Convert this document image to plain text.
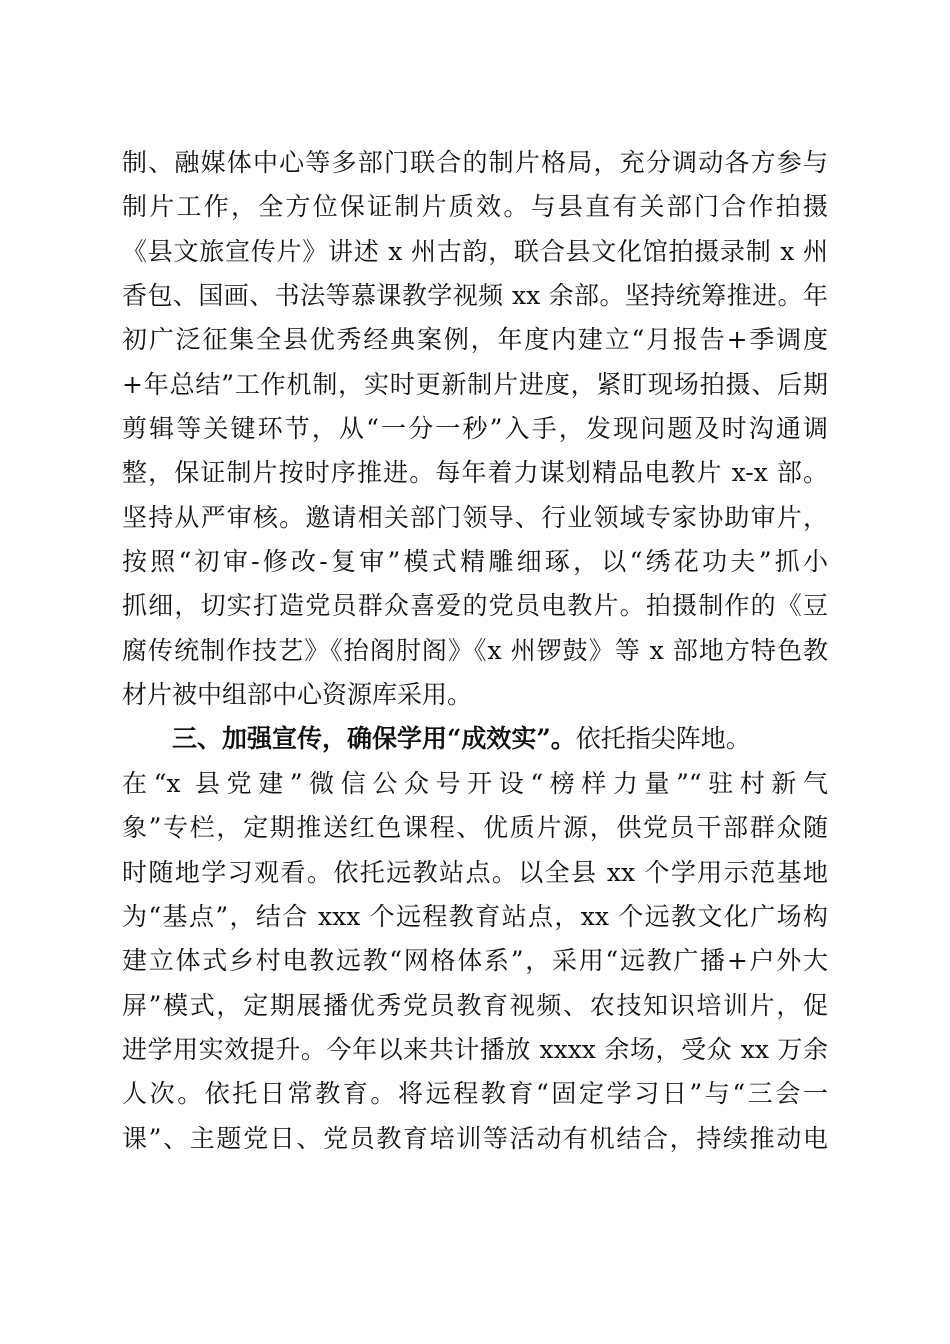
制、融媒体中心等多部门联合的制片格局，充分调动各方参与
制片工作，全方位保证制片质效。与县直有关部门合作拍摄
《县文旅宣传片》讲述 x 州古韵，联合县文化馆拍摄录制 x 州
香包、国画、书法等慕课教学视频 xx 余部。坚持统筹推进。年
初广泛征集全县优秀经典案例，年度内建立“月报告+季调度
+年总结”工作机制，实时更新制片进度，紧盯现场拍摄、后期
剪辑等关键环节，从“一分一秒”入手，发现问题及时沟通调
整，保证制片按时序推进。每年着力谋划精品电教片 x-x 部。
坚持从严审核。邀请相关部门领导、行业领域专家协助审片，
按照“初审-修改-复审”模式精雕细琢，以“绣花功夫”抓小
抓细，切实打造党员群众喜爱的党员电教片。拍摄制作的《豆
腐传统制作技艺》《抬阁肘阁》《x 州锣鼓》等 x 部地方特色教
材片被中组部中心资源库采用。
三、加强宣传，确保学用“成效实”。依托指尖阵地。
在“x 县党建”微信公众号开设“榜样力量”“驻村新气
象”专栏，定期推送红色课程、优质片源，供党员干部群众随
时随地学习观看。依托远教站点。以全县 xx 个学用示范基地
为“基点”，结合 xxx 个远程教育站点，xx 个远教文化广场构
建立体式乡村电教远教“网格体系”，采用“远教广播+户外大
屏”模式，定期展播优秀党员教育视频、农技知识培训片，促
进学用实效提升。今年以来共计播放 xxxx 余场，受众 xx 万余
人次。依托日常教育。将远程教育“固定学习日”与“三会一
课”、主题党日、党员教育培训等活动有机结合，持续推动电
